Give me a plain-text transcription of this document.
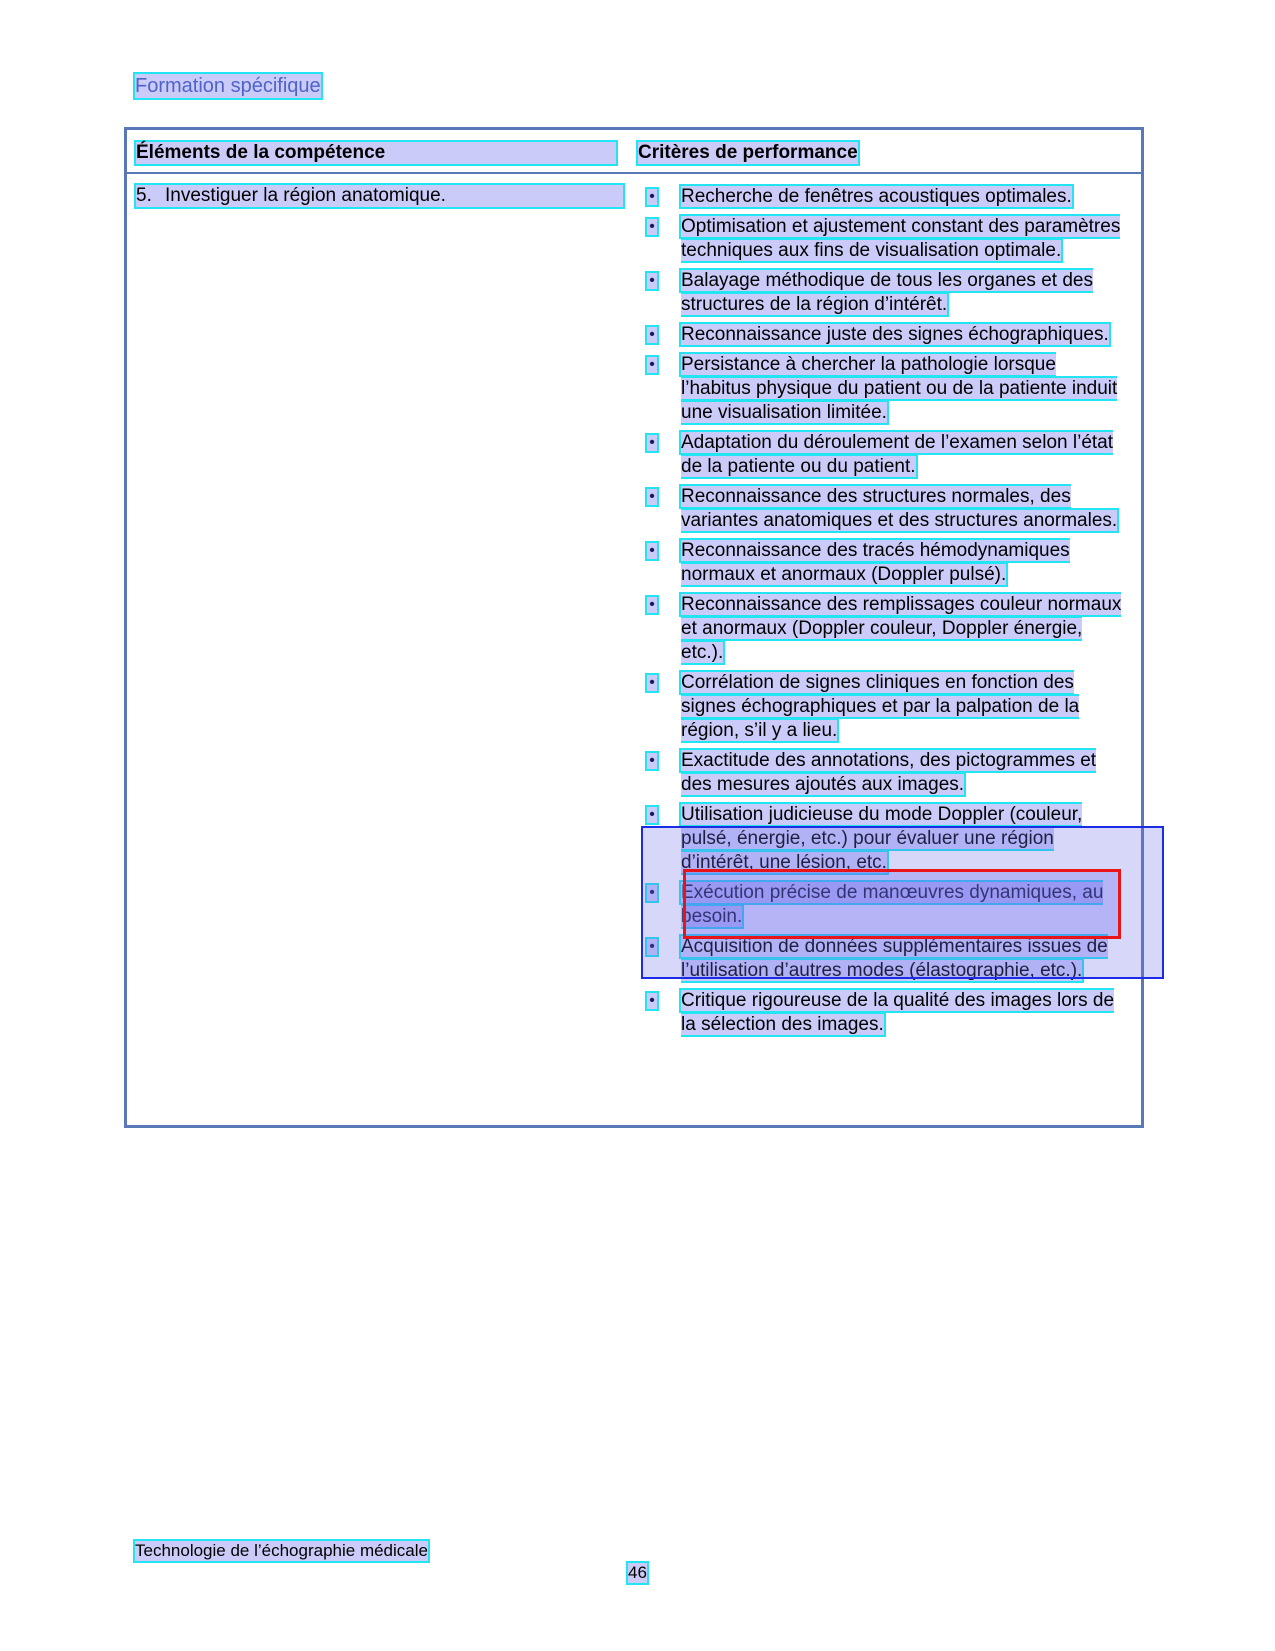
Formation spécifique
Éléments de la compétence	Critères de performance
5. Investiguer la région anatomique.	• Recherche de fenêtres acoustiques optimales.
• Optimisation et ajustement constant des paramètres techniques aux fins de visualisation optimale.
• Balayage méthodique de tous les organes et des structures de la région d’intérêt.
• Reconnaissance juste des signes échographiques.
• Persistance à chercher la pathologie lorsque l’habitus physique du patient ou de la patiente induit une visualisation limitée.
• Adaptation du déroulement de l’examen selon l’état de la patiente ou du patient.
• Reconnaissance des structures normales, des variantes anatomiques et des structures anormales.
• Reconnaissance des tracés hémodynamiques normaux et anormaux (Doppler pulsé).
• Reconnaissance des remplissages couleur normaux et anormaux (Doppler couleur, Doppler énergie, etc.).
• Corrélation de signes cliniques en fonction des signes échographiques et par la palpation de la région, s’il y a lieu.
• Exactitude des annotations, des pictogrammes et des mesures ajoutés aux images.
• Utilisation judicieuse du mode Doppler (couleur, pulsé, énergie, etc.) pour évaluer une région d’intérêt, une lésion, etc.
• Exécution précise de manœuvres dynamiques, au besoin.
• Acquisition de données supplémentaires issues de l’utilisation d’autres modes (élastographie, etc.).
• Critique rigoureuse de la qualité des images lors de la sélection des images.
Technologie de l’échographie médicale
46
